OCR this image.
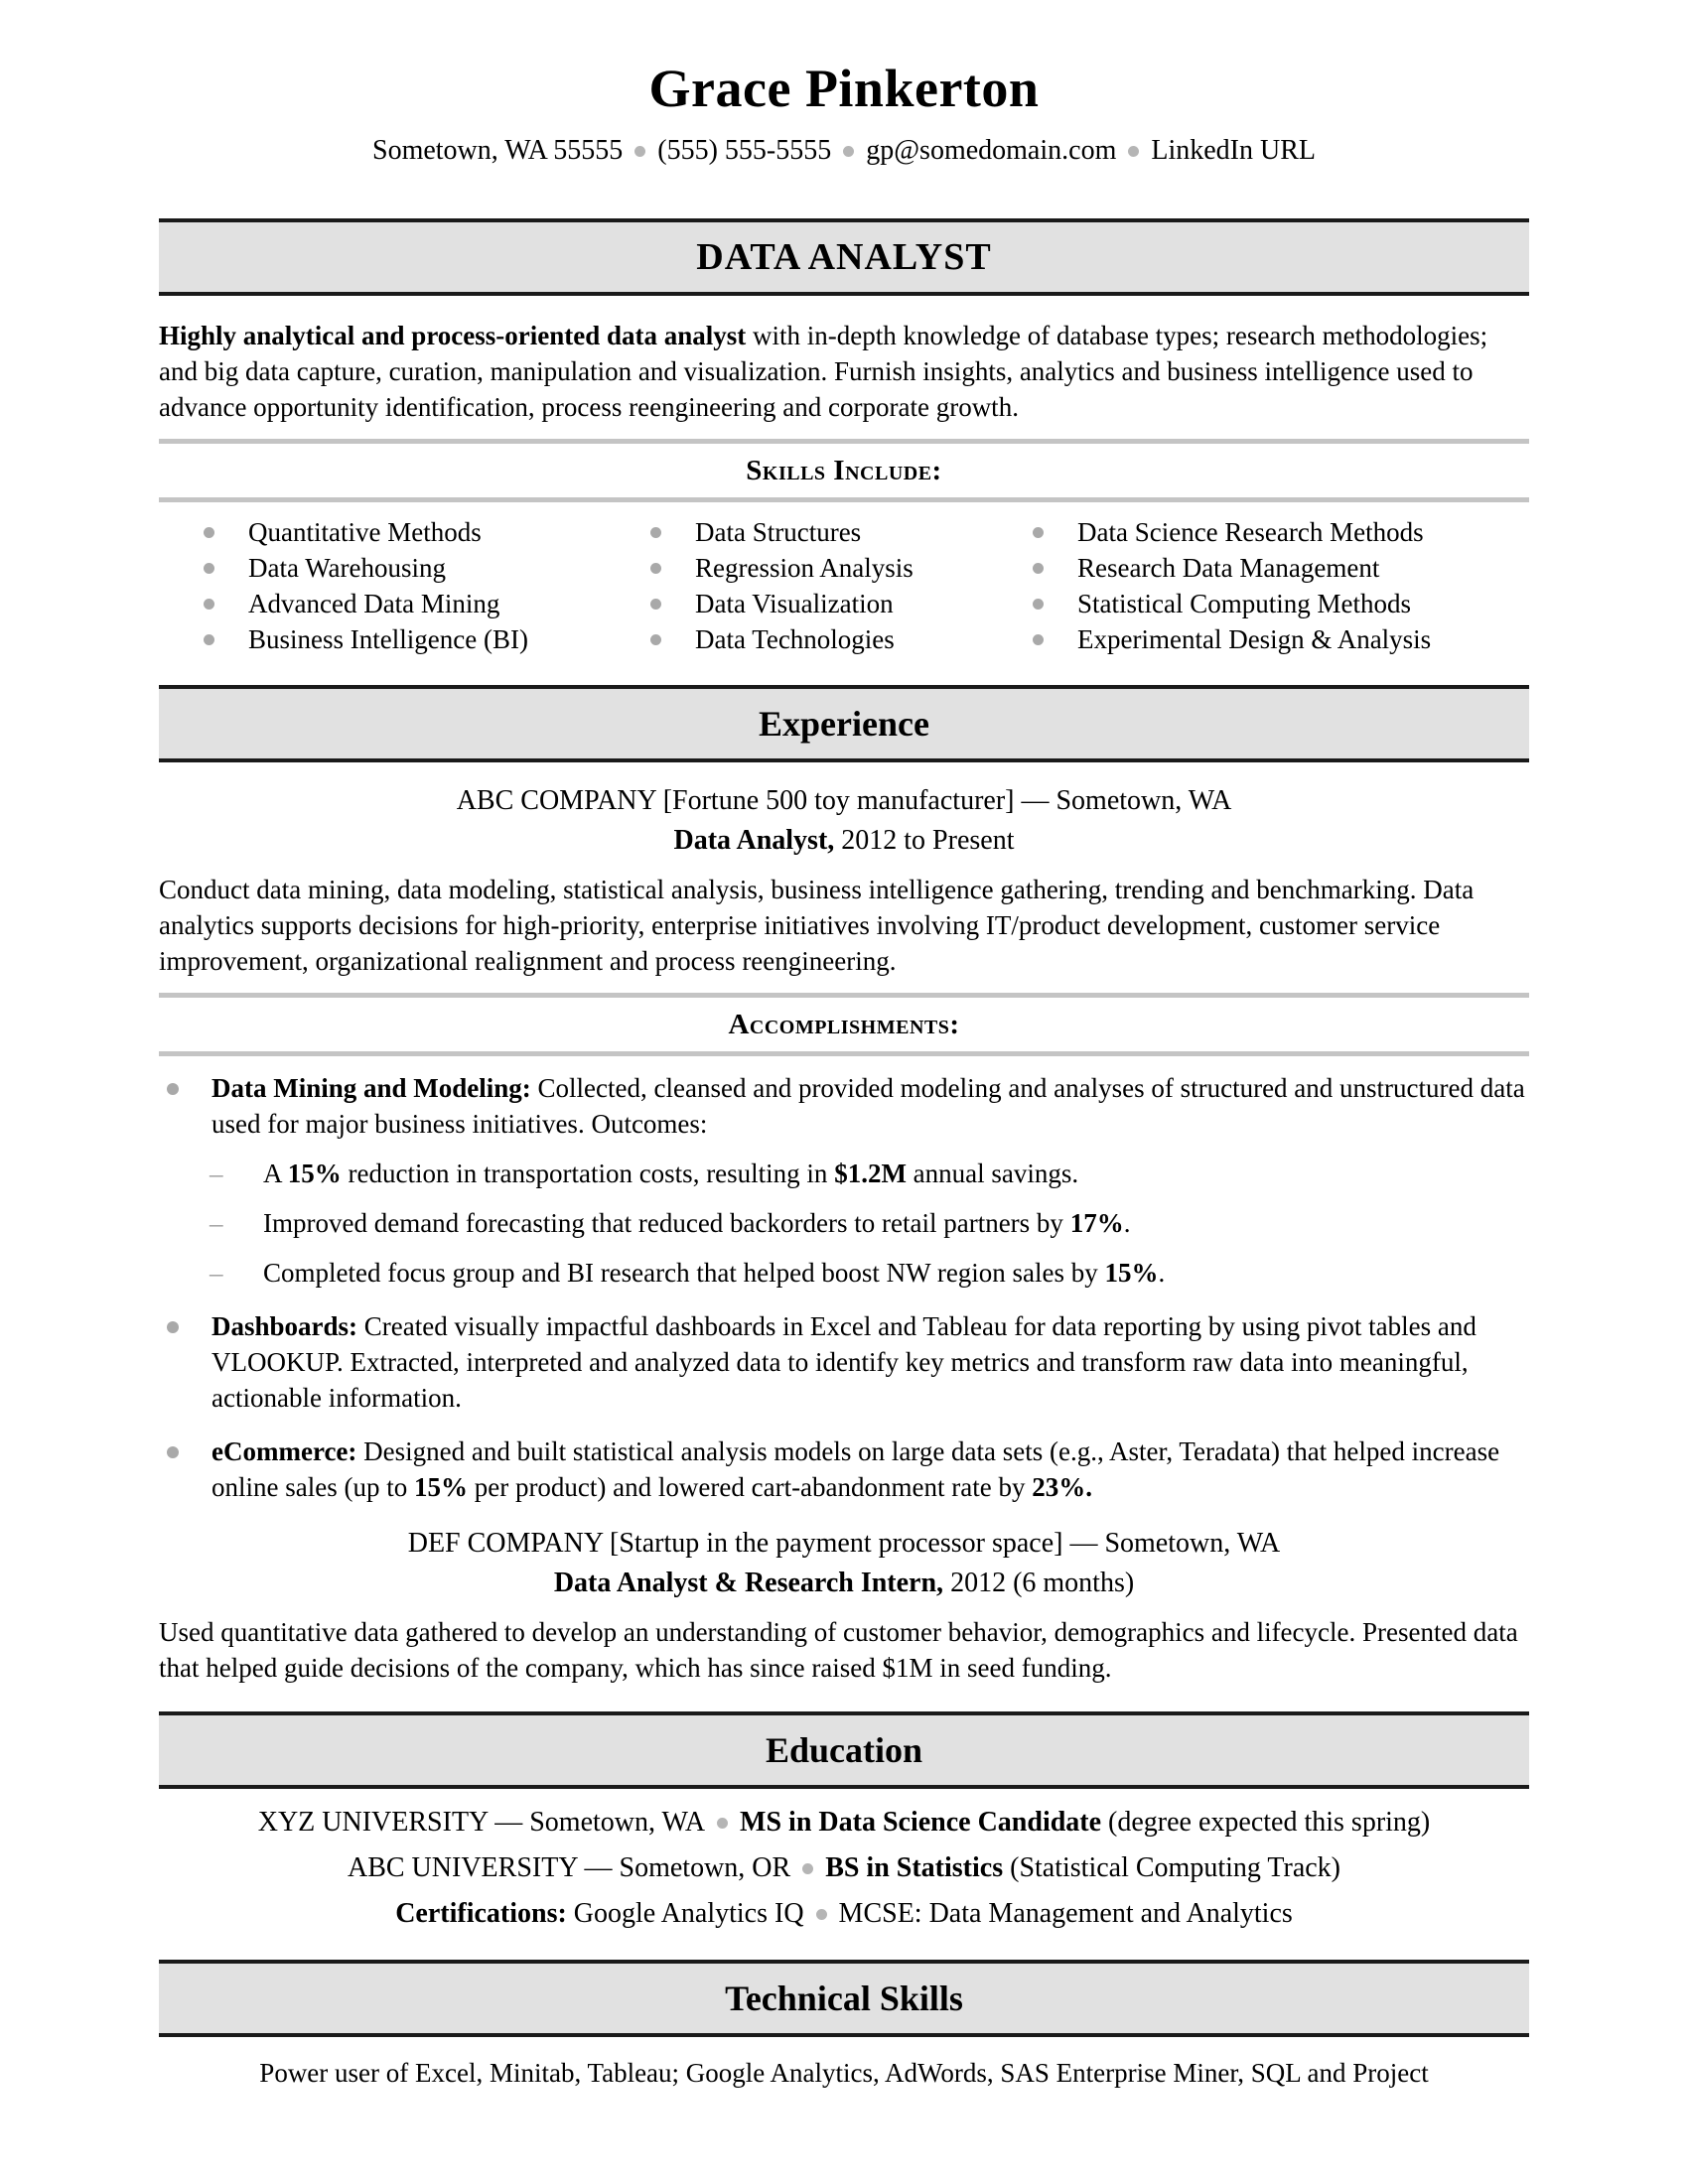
Grace Pinkerton
Sometown, WA 55555 (555) 555-5555 gp@somedomain.com LinkedIn URL
DATA ANALYST

Highly analytical and process-oriented data analyst with in-depth knowledge of database types; research methodologies; and big data capture, curation, manipulation and visualization. Furnish insights, analytics and business intelligence used to advance opportunity identification, process reengineering and corporate growth.

Skills Include:
Quantitative Methods
Data Warehousing
Advanced Data Mining
Business Intelligence (BI)
Data Structures
Regression Analysis
Data Visualization
Data Technologies
Data Science Research Methods
Research Data Management
Statistical Computing Methods
Experimental Design & Analysis
Experience
ABC COMPANY [Fortune 500 toy manufacturer] — Sometown, WA
Data Analyst, 2012 to Present

Conduct data mining, data modeling, statistical analysis, business intelligence gathering, trending and benchmarking. Data analytics supports decisions for high-priority, enterprise initiatives involving IT/product development, customer service improvement, organizational realignment and process reengineering.

Accomplishments:
Data Mining and Modeling: Collected, cleansed and provided modeling and analyses of structured and unstructured data used for major business initiatives. Outcomes:
–	A 15% reduction in transportation costs, resulting in $1.2M annual savings.
–	Improved demand forecasting that reduced backorders to retail partners by 17%.
–	Completed focus group and BI research that helped boost NW region sales by 15%.
Dashboards: Created visually impactful dashboards in Excel and Tableau for data reporting by using pivot tables and VLOOKUP. Extracted, interpreted and analyzed data to identify key metrics and transform raw data into meaningful, actionable information.
eCommerce: Designed and built statistical analysis models on large data sets (e.g., Aster, Teradata) that helped increase online sales (up to 15% per product) and lowered cart-abandonment rate by 23%.
DEF COMPANY [Startup in the payment processor space] — Sometown, WA
Data Analyst & Research Intern, 2012 (6 months)

Used quantitative data gathered to develop an understanding of customer behavior, demographics and lifecycle. Presented data that helped guide decisions of the company, which has since raised $1M in seed funding.

Education
XYZ UNIVERSITY — Sometown, WA MS in Data Science Candidate (degree expected this spring)
ABC UNIVERSITY — Sometown, OR BS in Statistics (Statistical Computing Track)
Certifications: Google Analytics IQ MCSE: Data Management and Analytics
Technical Skills
Power user of Excel, Minitab, Tableau; Google Analytics, AdWords, SAS Enterprise Miner, SQL and Project
